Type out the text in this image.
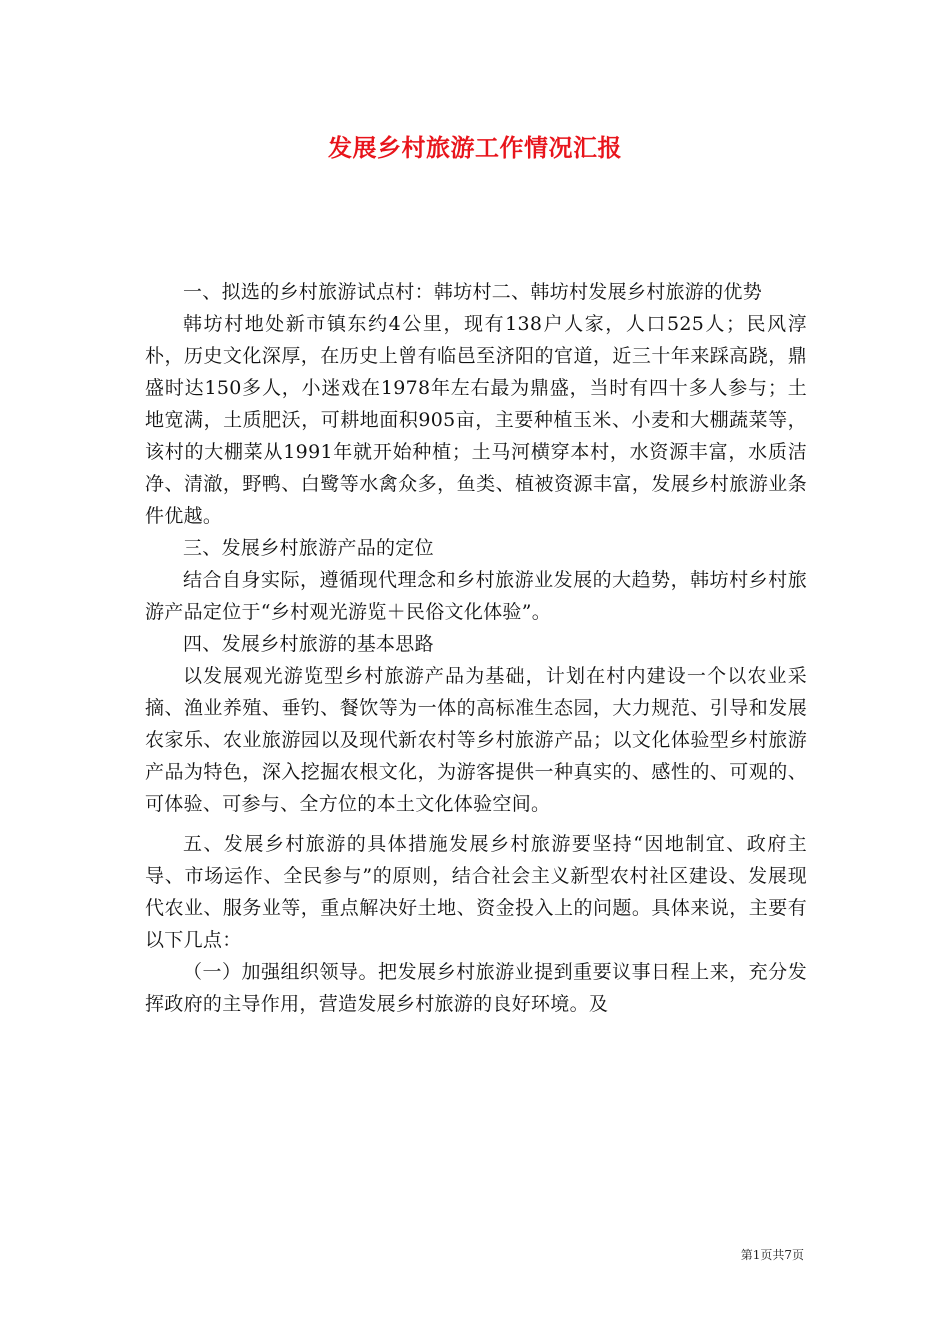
发展乡村旅游工作情况汇报

一、拟选的乡村旅游试点村：韩坊村二、韩坊村发展乡村旅游的优势

韩坊村地处新市镇东约4公里，现有138户人家，人口525人；民风淳朴，历史文化深厚，在历史上曾有临邑至济阳的官道，近三十年来踩高跷，鼎盛时达150多人，小迷戏在1978年左右最为鼎盛，当时有四十多人参与；土地宽满，土质肥沃，可耕地面积905亩，主要种植玉米、小麦和大棚蔬菜等，该村的大棚菜从1991年就开始种植；土马河横穿本村，水资源丰富，水质洁净、清澈，野鸭、白鹭等水禽众多，鱼类、植被资源丰富，发展乡村旅游业条件优越。

三、发展乡村旅游产品的定位

结合自身实际，遵循现代理念和乡村旅游业发展的大趋势，韩坊村乡村旅游产品定位于“乡村观光游览＋民俗文化体验”。

四、发展乡村旅游的基本思路

以发展观光游览型乡村旅游产品为基础，计划在村内建设一个以农业采摘、渔业养殖、垂钓、餐饮等为一体的高标准生态园，大力规范、引导和发展农家乐、农业旅游园以及现代新农村等乡村旅游产品；以文化体验型乡村旅游产品为特色，深入挖掘农根文化，为游客提供一种真实的、感性的、可观的、可体验、可参与、全方位的本土文化体验空间。

五、发展乡村旅游的具体措施发展乡村旅游要坚持“因地制宜、政府主导、市场运作、全民参与”的原则，结合社会主义新型农村社区建设、发展现代农业、服务业等，重点解决好土地、资金投入上的问题。具体来说，主要有以下几点：

（一）加强组织领导。把发展乡村旅游业提到重要议事日程上来，充分发挥政府的主导作用，营造发展乡村旅游的良好环境。及

第1页共7页
